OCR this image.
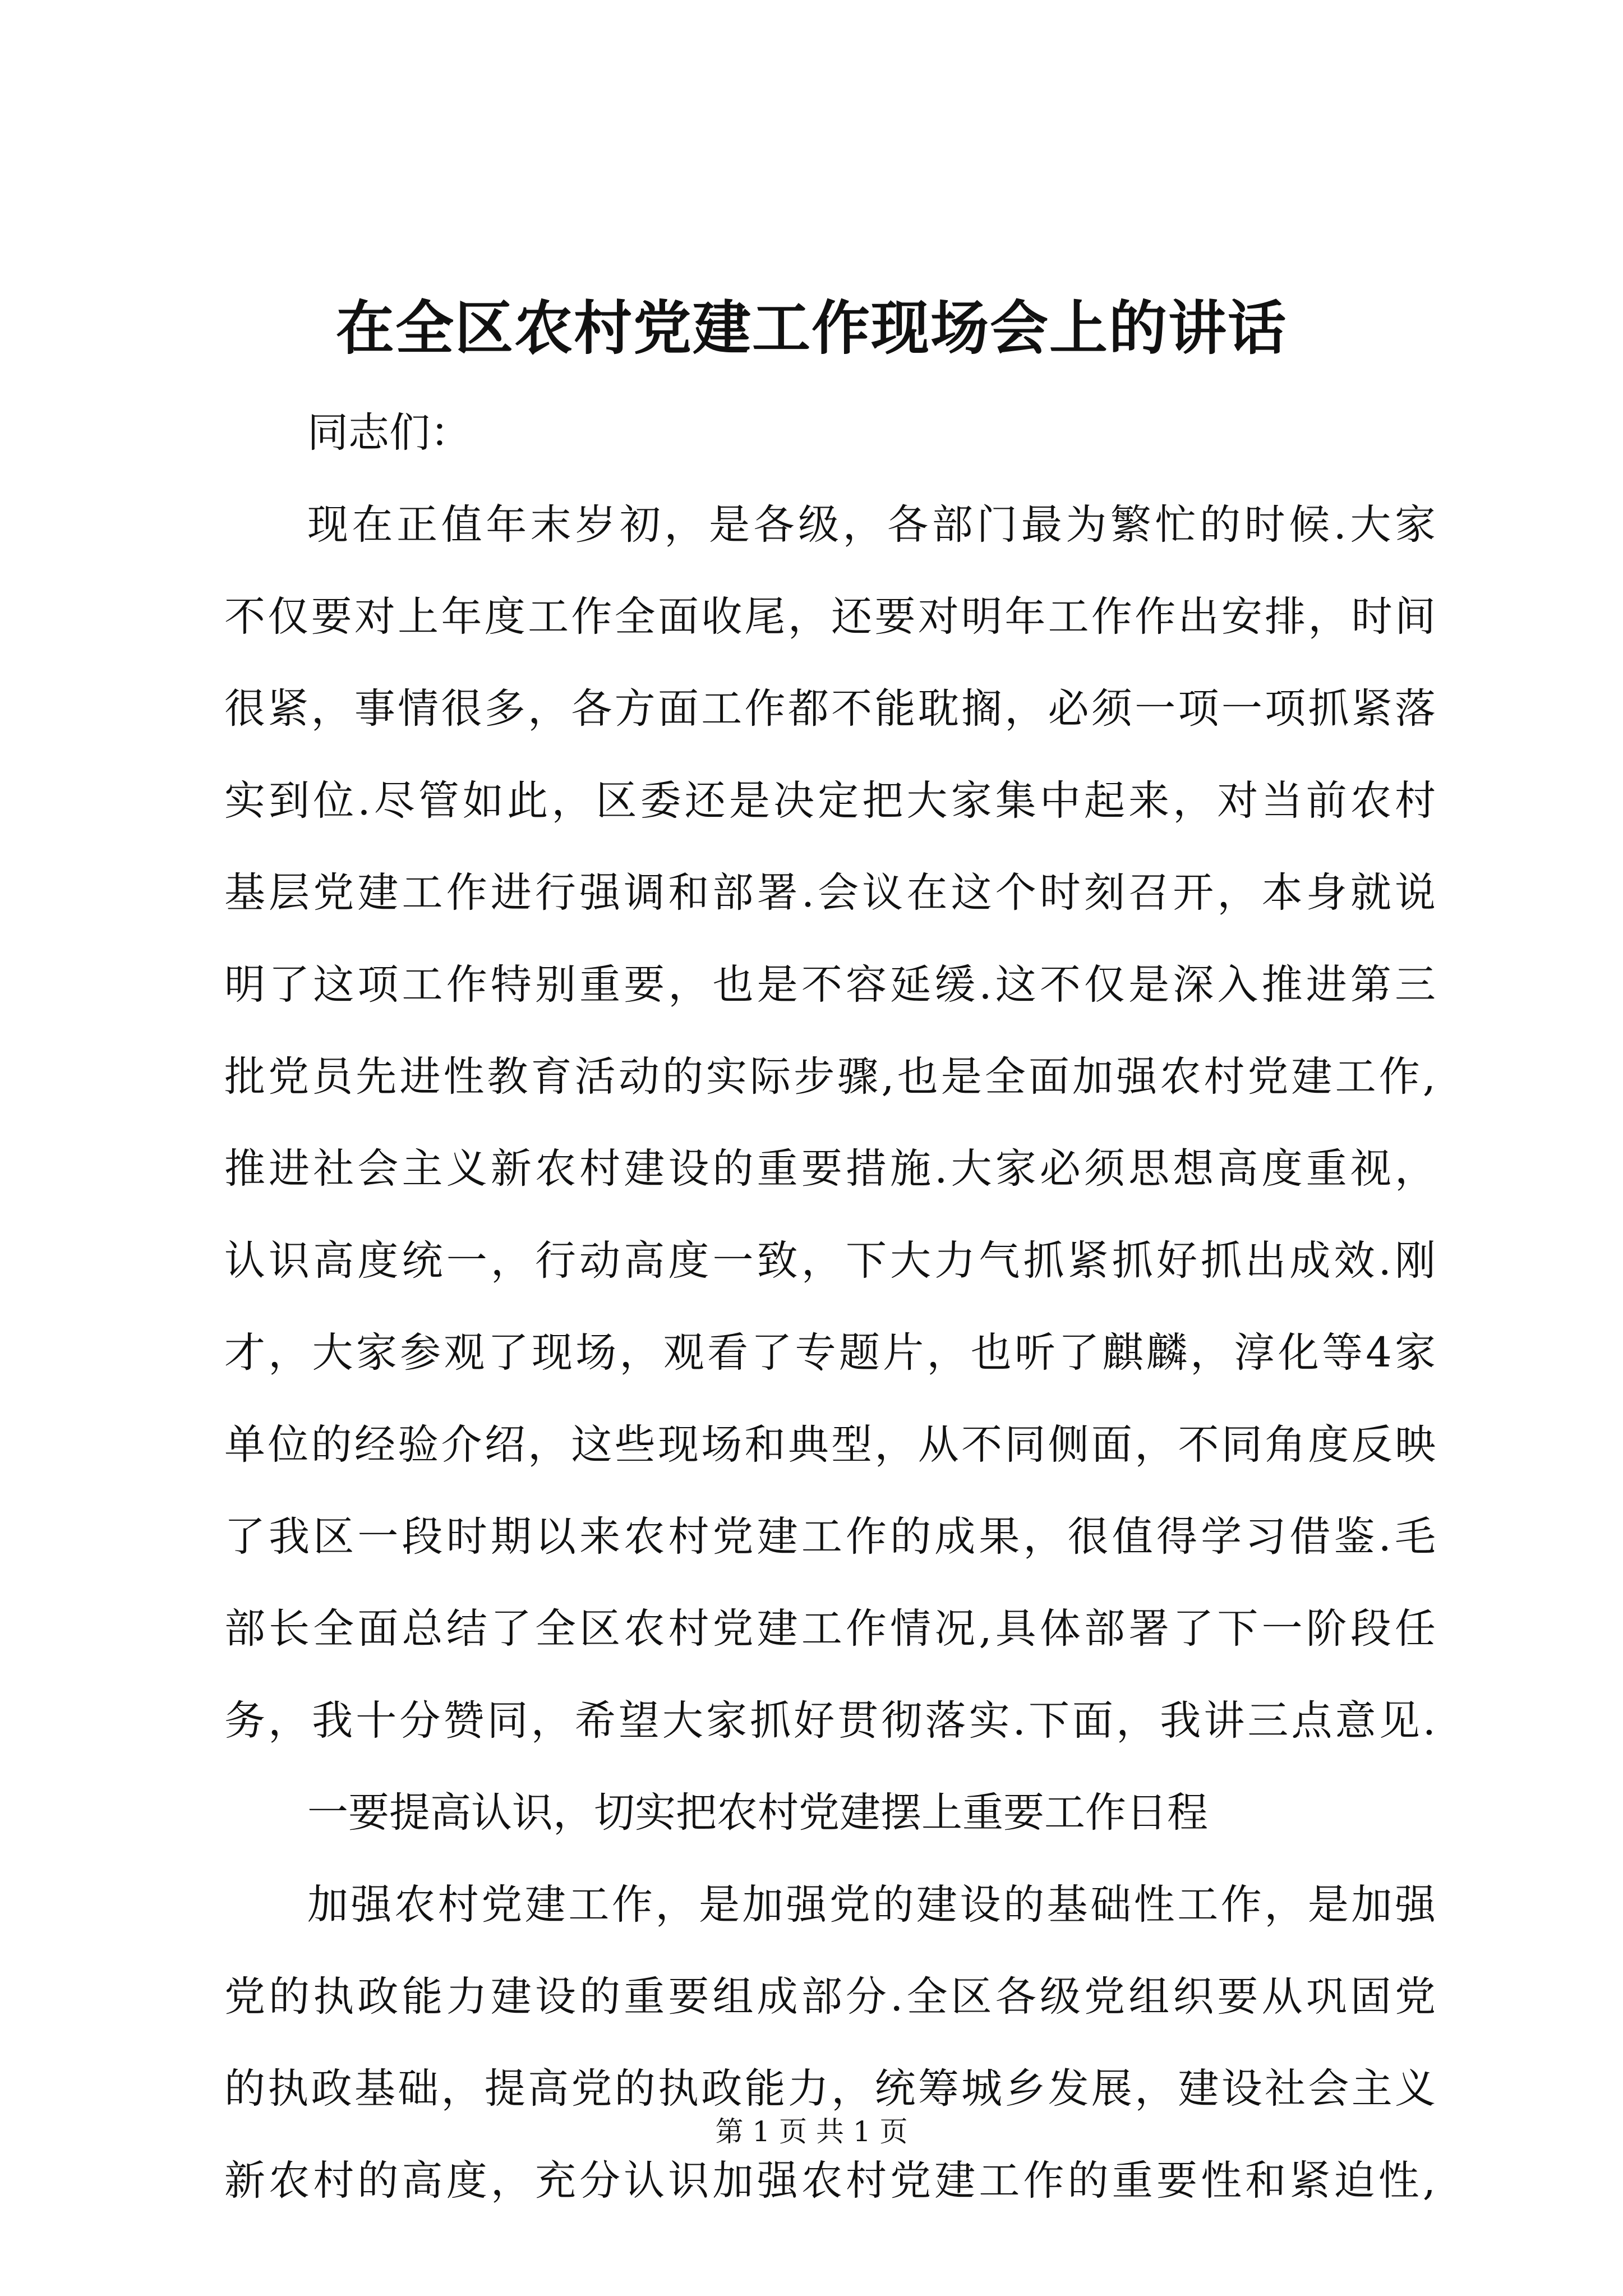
在全区农村党建工作现场会上的讲话
同志们：
现在正值年末岁初，是各级，各部门最为繁忙的时候.大家
不仅要对上年度工作全面收尾，还要对明年工作作出安排，时间
很紧，事情很多，各方面工作都不能耽搁，必须一项一项抓紧落
实到位.尽管如此，区委还是决定把大家集中起来，对当前农村
基层党建工作进行强调和部署.会议在这个时刻召开，本身就说
明了这项工作特别重要，也是不容延缓.这不仅是深入推进第三
批党员先进性教育活动的实际步骤,也是全面加强农村党建工作,
推进社会主义新农村建设的重要措施.大家必须思想高度重视，
认识高度统一，行动高度一致，下大力气抓紧抓好抓出成效.刚
才，大家参观了现场，观看了专题片，也听了麒麟，淳化等4家
单位的经验介绍，这些现场和典型，从不同侧面，不同角度反映
了我区一段时期以来农村党建工作的成果，很值得学习借鉴.毛
部长全面总结了全区农村党建工作情况,具体部署了下一阶段任
务，我十分赞同，希望大家抓好贯彻落实.下面，我讲三点意见.
一要提高认识，切实把农村党建摆上重要工作日程
加强农村党建工作，是加强党的建设的基础性工作，是加强
党的执政能力建设的重要组成部分.全区各级党组织要从巩固党
的执政基础，提高党的执政能力，统筹城乡发展，建设社会主义
新农村的高度，充分认识加强农村党建工作的重要性和紧迫性,
第 1 页 共 1 页
